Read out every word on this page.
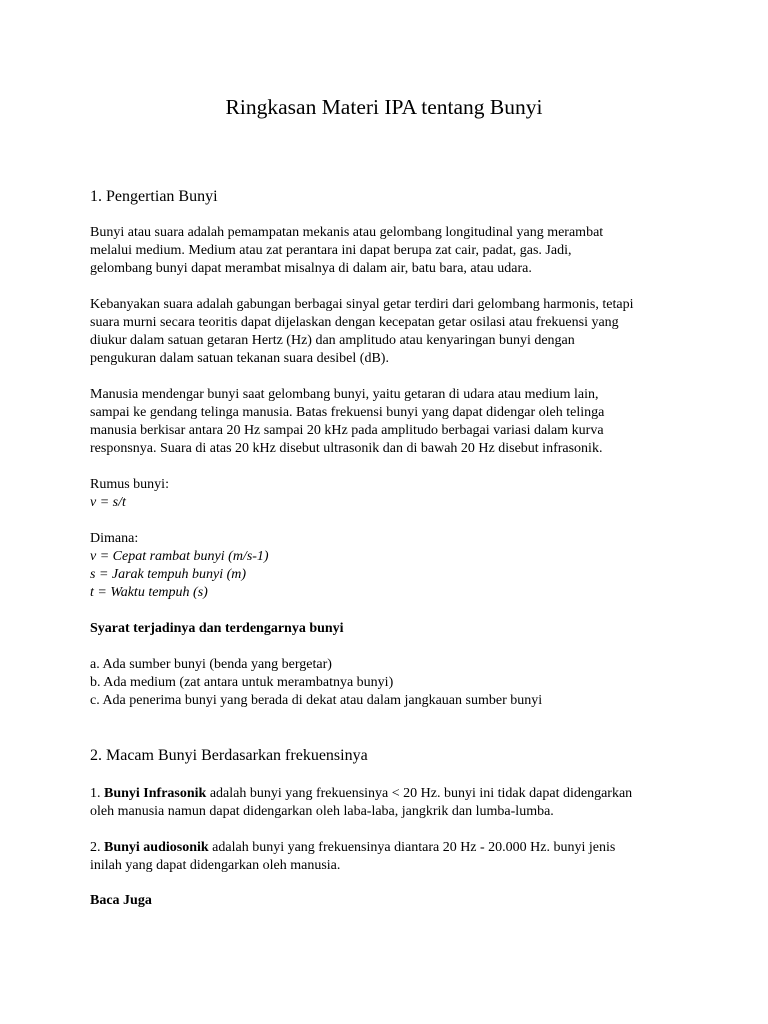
Ringkasan Materi IPA tentang Bunyi
1. Pengertian Bunyi

Bunyi atau suara adalah pemampatan mekanis atau gelombang longitudinal yang merambat
melalui medium. Medium atau zat perantara ini dapat berupa zat cair, padat, gas. Jadi,
gelombang bunyi dapat merambat misalnya di dalam air, batu bara, atau udara.

Kebanyakan suara adalah gabungan berbagai sinyal getar terdiri dari gelombang harmonis, tetapi
suara murni secara teoritis dapat dijelaskan dengan kecepatan getar osilasi atau frekuensi yang
diukur dalam satuan getaran Hertz (Hz) dan amplitudo atau kenyaringan bunyi dengan
pengukuran dalam satuan tekanan suara desibel (dB).

Manusia mendengar bunyi saat gelombang bunyi, yaitu getaran di udara atau medium lain,
sampai ke gendang telinga manusia. Batas frekuensi bunyi yang dapat didengar oleh telinga
manusia berkisar antara 20 Hz sampai 20 kHz pada amplitudo berbagai variasi dalam kurva
responsnya. Suara di atas 20 kHz disebut ultrasonik dan di bawah 20 Hz disebut infrasonik.

Rumus bunyi:
v = s/t

Dimana:
v = Cepat rambat bunyi (m/s-1)
s = Jarak tempuh bunyi (m)
t = Waktu tempuh (s)

Syarat terjadinya dan terdengarnya bunyi

a. Ada sumber bunyi (benda yang bergetar)
b. Ada medium (zat antara untuk merambatnya bunyi)
c. Ada penerima bunyi yang berada di dekat atau dalam jangkauan sumber bunyi

2. Macam Bunyi Berdasarkan frekuensinya

1. Bunyi Infrasonik adalah bunyi yang frekuensinya < 20 Hz. bunyi ini tidak dapat didengarkan
oleh manusia namun dapat didengarkan oleh laba-laba, jangkrik dan lumba-lumba.

2. Bunyi audiosonik adalah bunyi yang frekuensinya diantara 20 Hz - 20.000 Hz. bunyi jenis
inilah yang dapat didengarkan oleh manusia.

Baca Juga
